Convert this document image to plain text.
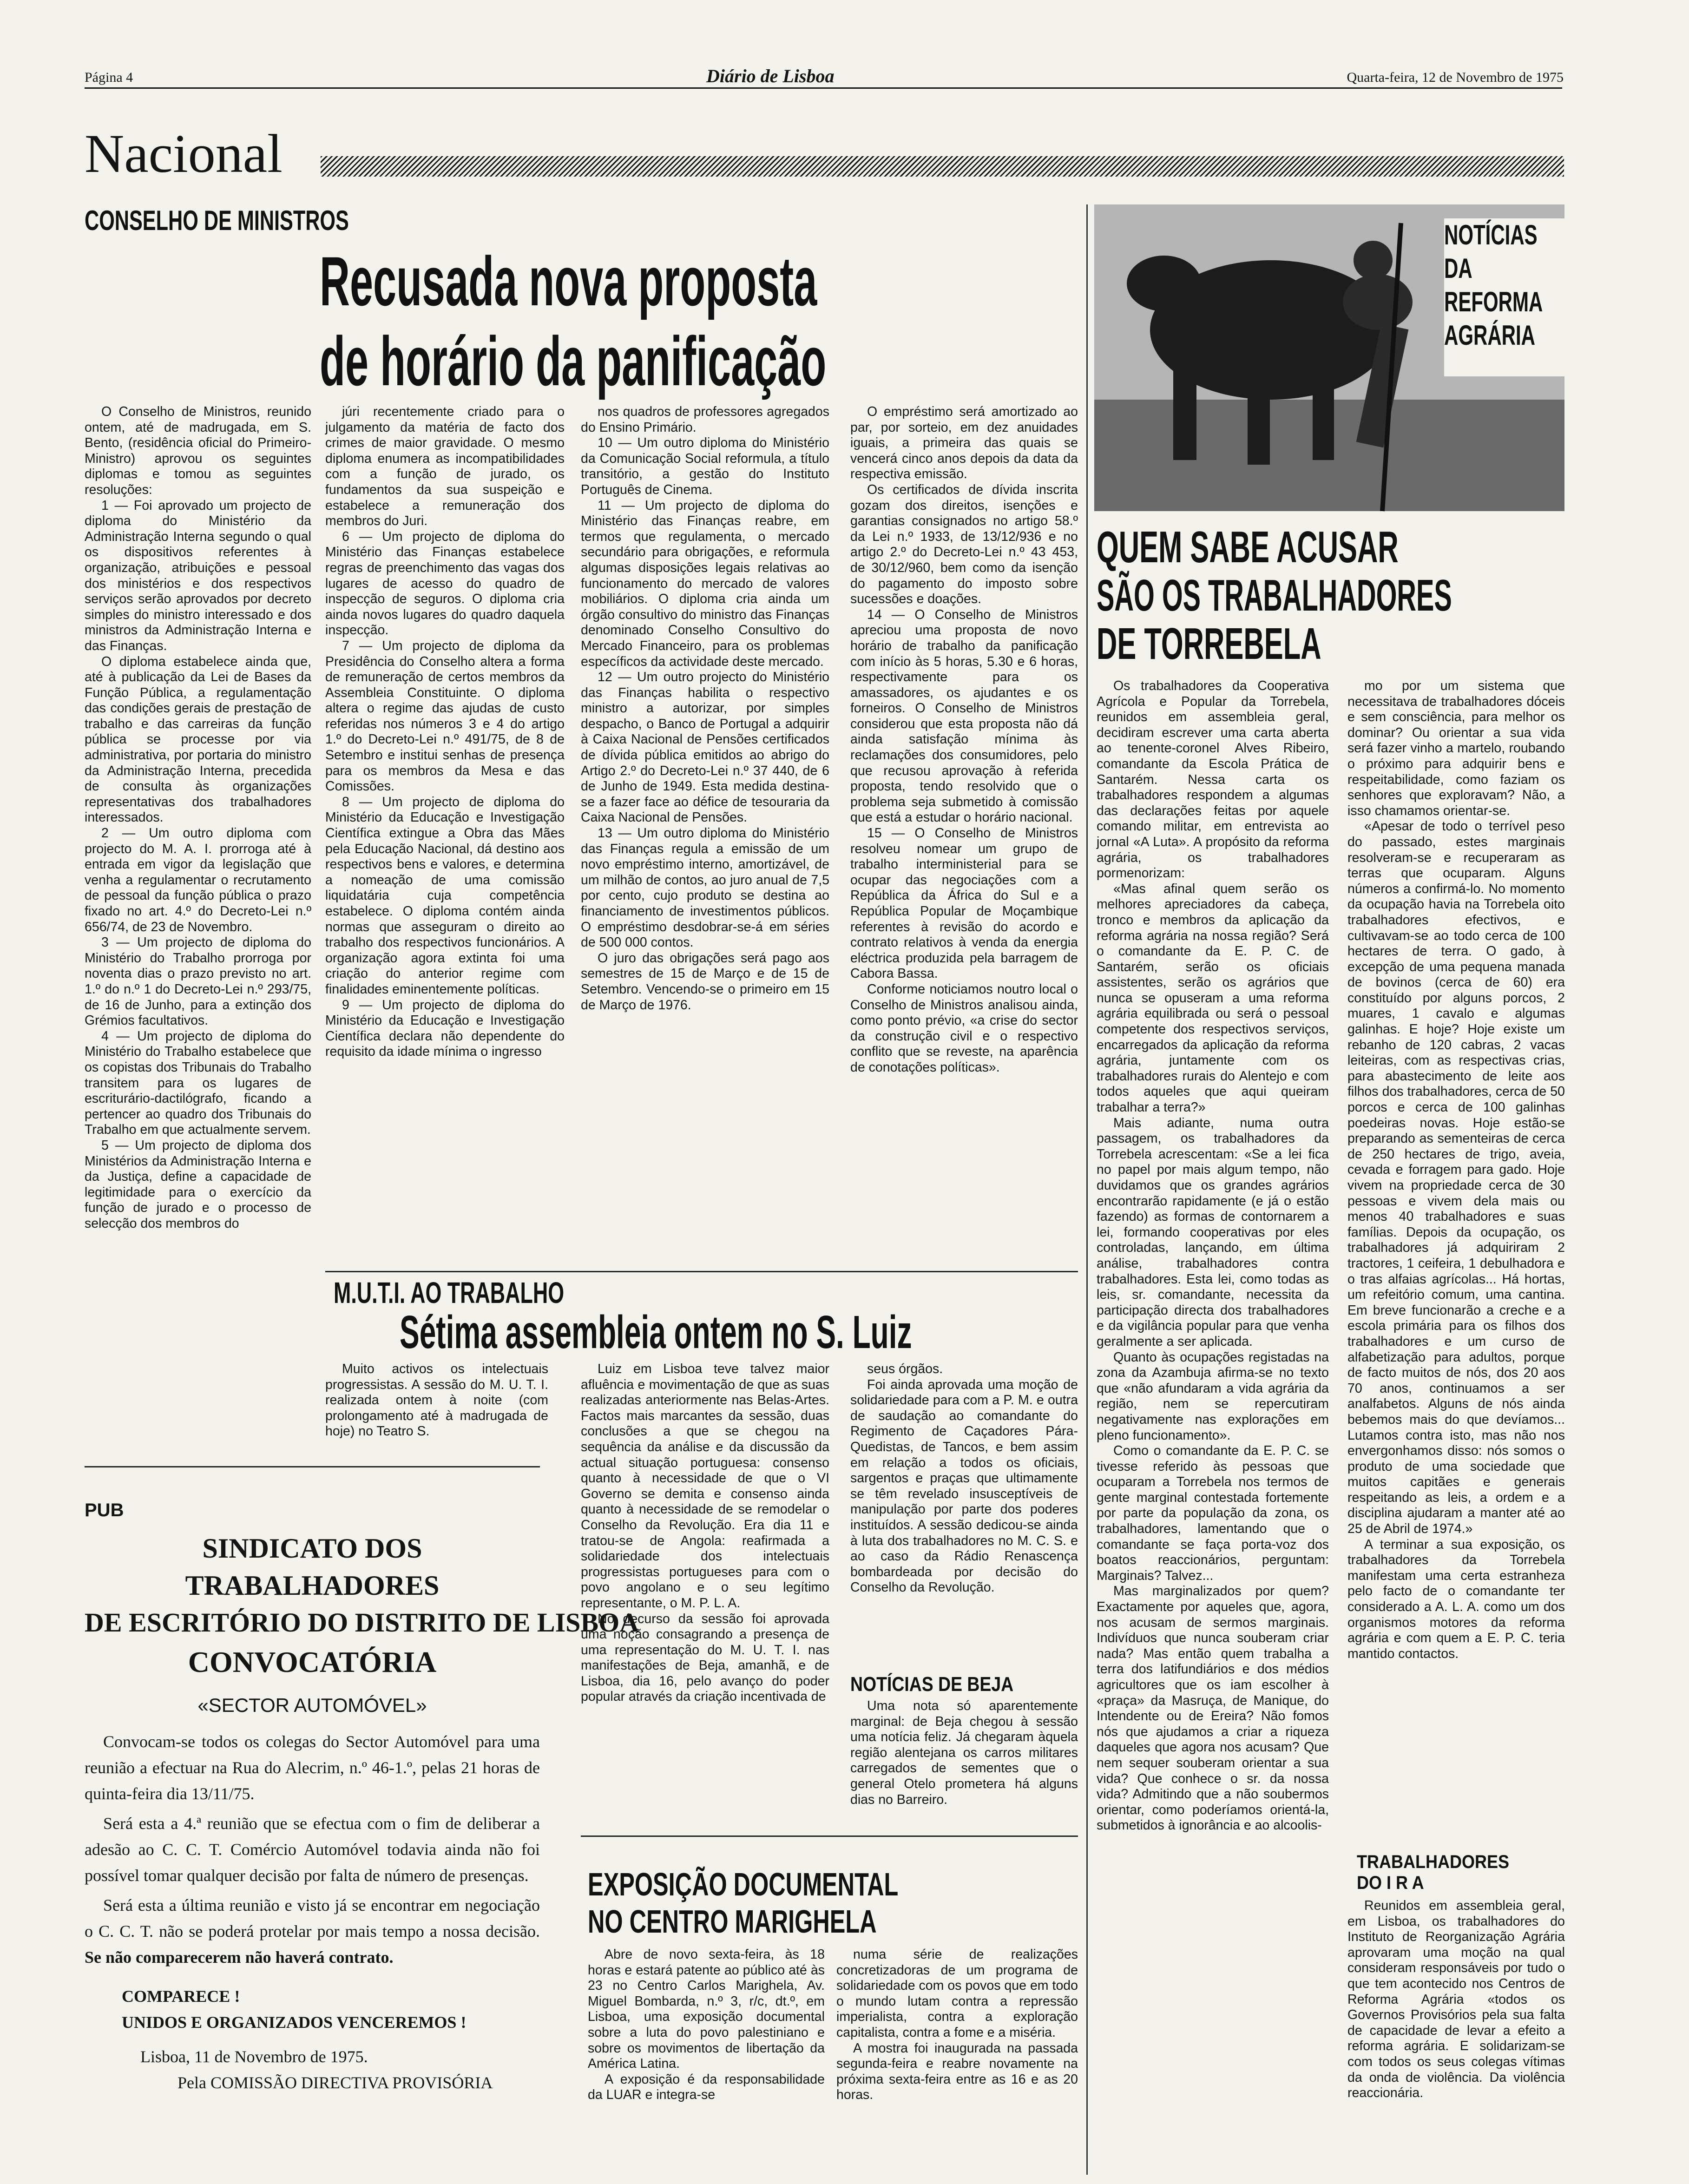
Página 4	Diário de Lisboa	Quarta-feira, 12 de Novembro de 1975
Nacional
CONSELHO DE MINISTROS
Recusada nova proposta
de horário da panificação

O Conselho de Ministros, reunido ontem, até de madrugada, em S. Bento, (residência oficial do Primeiro-Ministro) aprovou os seguintes diplomas e tomou as seguintes resoluções:

1 — Foi aprovado um projecto de diploma do Ministério da Administração Interna segundo o qual os dispositivos referentes à organização, atribuições e pessoal dos ministérios e dos respectivos serviços serão aprovados por decreto simples do ministro interessado e dos ministros da Administração Interna e das Finanças.

O diploma estabelece ainda que, até à publicação da Lei de Bases da Função Pública, a regulamentação das condições gerais de prestação de trabalho e das carreiras da função pública se processe por via administrativa, por portaria do ministro da Administração Interna, precedida de consulta às organizações representativas dos trabalhadores interessados.

2 — Um outro diploma com projecto do M. A. I. prorroga até à entrada em vigor da legislação que venha a regulamentar o recrutamento de pessoal da função pública o prazo fixado no art. 4.º do Decreto-Lei n.º 656/74, de 23 de Novembro.

3 — Um projecto de diploma do Ministério do Trabalho prorroga por noventa dias o prazo previsto no art. 1.º do n.º 1 do Decreto-Lei n.º 293/75, de 16 de Junho, para a extinção dos Grémios facultativos.

4 — Um projecto de diploma do Ministério do Trabalho estabelece que os copistas dos Tribunais do Trabalho transitem para os lugares de escriturário-dactilógrafo, ficando a pertencer ao quadro dos Tribunais do Trabalho em que actualmente servem.

5 — Um projecto de diploma dos Ministérios da Administração Interna e da Justiça, define a capacidade de legitimidade para o exercício da função de jurado e o processo de selecção dos membros do

júri recentemente criado para o julgamento da matéria de facto dos crimes de maior gravidade. O mesmo diploma enumera as incompatibilidades com a função de jurado, os fundamentos da sua suspeição e estabelece a remuneração dos membros do Juri.

6 — Um projecto de diploma do Ministério das Finanças estabelece regras de preenchimento das vagas dos lugares de acesso do quadro de inspecção de seguros. O diploma cria ainda novos lugares do quadro daquela inspecção.

7 — Um projecto de diploma da Presidência do Conselho altera a forma de remuneração de certos membros da Assembleia Constituinte. O diploma altera o regime das ajudas de custo referidas nos números 3 e 4 do artigo 1.º do Decreto-Lei n.º 491/75, de 8 de Setembro e institui senhas de presença para os membros da Mesa e das Comissões.

8 — Um projecto de diploma do Ministério da Educação e Investigação Científica extingue a Obra das Mães pela Educação Nacional, dá destino aos respectivos bens e valores, e determina a nomeação de uma comissão liquidatária cuja competência estabelece. O diploma contém ainda normas que asseguram o direito ao trabalho dos respectivos funcionários. A organização agora extinta foi uma criação do anterior regime com finalidades eminentemente políticas.

9 — Um projecto de diploma do Ministério da Educação e Investigação Científica declara não dependente do requisito da idade mínima o ingresso

nos quadros de professores agregados do Ensino Primário.

10 — Um outro diploma do Ministério da Comunicação Social reformula, a título transitório, a gestão do Instituto Português de Cinema.

11 — Um projecto de diploma do Ministério das Finanças reabre, em termos que regulamenta, o mercado secundário para obrigações, e reformula algumas disposições legais relativas ao funcionamento do mercado de valores mobiliários. O diploma cria ainda um órgão consultivo do ministro das Finanças denominado Conselho Consultivo do Mercado Financeiro, para os problemas específicos da actividade deste mercado.

12 — Um outro projecto do Ministério das Finanças habilita o respectivo ministro a autorizar, por simples despacho, o Banco de Portugal a adquirir à Caixa Nacional de Pensões certificados de dívida pública emitidos ao abrigo do Artigo 2.º do Decreto-Lei n.º 37 440, de 6 de Junho de 1949. Esta medida destina-se a fazer face ao défice de tesouraria da Caixa Nacional de Pensões.

13 — Um outro diploma do Ministério das Finanças regula a emissão de um novo empréstimo interno, amortizável, de um milhão de contos, ao juro anual de 7,5 por cento, cujo produto se destina ao financiamento de investimentos públicos. O empréstimo desdobrar-se-á em séries de 500 000 contos.

O juro das obrigações será pago aos semestres de 15 de Março e de 15 de Setembro. Vencendo-se o primeiro em 15 de Março de 1976.

O empréstimo será amortizado ao par, por sorteio, em dez anuidades iguais, a primeira das quais se vencerá cinco anos depois da data da respectiva emissão.

Os certificados de dívida inscrita gozam dos direitos, isenções e garantias consignados no artigo 58.º da Lei n.º 1933, de 13/12/936 e no artigo 2.º do Decreto-Lei n.º 43 453, de 30/12/960, bem como da isenção do pagamento do imposto sobre sucessões e doações.

14 — O Conselho de Ministros apreciou uma proposta de novo horário de trabalho da panificação com início às 5 horas, 5.30 e 6 horas, respectivamente para os amassadores, os ajudantes e os forneiros. O Conselho de Ministros considerou que esta proposta não dá ainda satisfação mínima às reclamações dos consumidores, pelo que recusou aprovação à referida proposta, tendo resolvido que o problema seja submetido à comissão que está a estudar o horário nacional.

15 — O Conselho de Ministros resolveu nomear um grupo de trabalho interministerial para se ocupar das negociações com a República da África do Sul e a República Popular de Moçambique referentes à revisão do acordo e contrato relativos à venda da energia eléctrica produzida pela barragem de Cabora Bassa.

Conforme noticiamos noutro local o Conselho de Ministros analisou ainda, como ponto prévio, «a crise do sector da construção civil e o respectivo conflito que se reveste, na aparência de conotações políticas».

M.U.T.I. AO TRABALHO
Sétima assembleia ontem no S. Luiz

Muito activos os intelectuais progressistas. A sessão do M. U. T. I. realizada ontem à noite (com prolongamento até à madrugada de hoje) no Teatro S.

Luiz em Lisboa teve talvez maior afluência e movimentação de que as suas realizadas anteriormente nas Belas-Artes. Factos mais marcantes da sessão, duas conclusões a que se chegou na sequência da análise e da discussão da actual situação portuguesa: consenso quanto à necessidade de que o VI Governo se demita e consenso ainda quanto à necessidade de se remodelar o Conselho da Revolução. Era dia 11 e tratou-se de Angola: reafirmada a solidariedade dos intelectuais progressistas portugueses para com o povo angolano e o seu legítimo representante, o M. P. L. A.

No decurso da sessão foi aprovada uma noção consagrando a presença de uma representação do M. U. T. I. nas manifestações de Beja, amanhã, e de Lisboa, dia 16, pelo avanço do poder popular através da criação incentivada de

seus órgãos.

Foi ainda aprovada uma moção de solidariedade para com a P. M. e outra de saudação ao comandante do Regimento de Caçadores Pára-Quedistas, de Tancos, e bem assim em relação a todos os oficiais, sargentos e praças que ultimamente se têm revelado insusceptíveis de manipulação por parte dos poderes instituídos. A sessão dedicou-se ainda à luta dos trabalhadores no M. C. S. e ao caso da Rádio Renascença bombardeada por decisão do Conselho da Revolução.

NOTÍCIAS DE BEJA

Uma nota só aparentemente marginal: de Beja chegou à sessão uma notícia feliz. Já chegaram àquela região alentejana os carros militares carregados de sementes que o general Otelo prometera há alguns dias no Barreiro.

PUB
SINDICATO DOS TRABALHADORES
DE ESCRITÓRIO DO DISTRITO DE LISBOA
CONVOCATÓRIA
«SECTOR AUTOMÓVEL»

Convocam-se todos os colegas do Sector Automóvel para uma reunião a efectuar na Rua do Alecrim, n.º 46-1.º, pelas 21 horas de quinta-feira dia 13/11/75.

Será esta a 4.ª reunião que se efectua com o fim de deliberar a adesão ao C. C. T. Comércio Automóvel todavia ainda não foi possível tomar qualquer decisão por falta de número de presenças.

Será esta a última reunião e visto já se encontrar em negociação o C. C. T. não se poderá protelar por mais tempo a nossa decisão. Se não comparecerem não haverá contrato.

COMPARECE !
UNIDOS E ORGANIZADOS VENCEREMOS !
Lisboa, 11 de Novembro de 1975.
Pela COMISSÃO DIRECTIVA PROVISÓRIA
EXPOSIÇÃO DOCUMENTAL
NO CENTRO MARIGHELA

Abre de novo sexta-feira, às 18 horas e estará patente ao público até às 23 no Centro Carlos Marighela, Av. Miguel Bombarda, n.º 3, r/c, dt.º, em Lisboa, uma exposição documental sobre a luta do povo palestiniano e sobre os movimentos de libertação da América Latina.

A exposição é da responsabilidade da LUAR e integra-se

numa série de realizações concretizadoras de um programa de solidariedade com os povos que em todo o mundo lutam contra a repressão imperialista, contra a exploração capitalista, contra a fome e a miséria.

A mostra foi inaugurada na passada segunda-feira e reabre novamente na próxima sexta-feira entre as 16 e as 20 horas.

NOTÍCIAS
DA
REFORMA
AGRÁRIA
QUEM SABE ACUSAR
SÃO OS TRABALHADORES
DE TORREBELA

Os trabalhadores da Cooperativa Agrícola e Popular da Torrebela, reunidos em assembleia geral, decidiram escrever uma carta aberta ao tenente-coronel Alves Ribeiro, comandante da Escola Prática de Santarém. Nessa carta os trabalhadores respondem a algumas das declarações feitas por aquele comando militar, em entrevista ao jornal «A Luta». A propósito da reforma agrária, os trabalhadores pormenorizam:

«Mas afinal quem serão os melhores apreciadores da cabeça, tronco e membros da aplicação da reforma agrária na nossa região? Será o comandante da E. P. C. de Santarém, serão os oficiais assistentes, serão os agrários que nunca se opuseram a uma reforma agrária equilibrada ou será o pessoal competente dos respectivos serviços, encarregados da aplicação da reforma agrária, juntamente com os trabalhadores rurais do Alentejo e com todos aqueles que aqui queiram trabalhar a terra?»

Mais adiante, numa outra passagem, os trabalhadores da Torrebela acrescentam: «Se a lei fica no papel por mais algum tempo, não duvidamos que os grandes agrários encontrarão rapidamente (e já o estão fazendo) as formas de contornarem a lei, formando cooperativas por eles controladas, lançando, em última análise, trabalhadores contra trabalhadores. Esta lei, como todas as leis, sr. comandante, necessita da participação directa dos trabalhadores e da vigilância popular para que venha geralmente a ser aplicada.

Quanto às ocupações registadas na zona da Azambuja afirma-se no texto que «não afundaram a vida agrária da região, nem se repercutiram negativamente nas explorações em pleno funcionamento».

Como o comandante da E. P. C. se tivesse referido às pessoas que ocuparam a Torrebela nos termos de gente marginal contestada fortemente por parte da população da zona, os trabalhadores, lamentando que o comandante se faça porta-voz dos boatos reaccionários, perguntam: Marginais? Talvez...

Mas marginalizados por quem? Exactamente por aqueles que, agora, nos acusam de sermos marginais. Indivíduos que nunca souberam criar nada? Mas então quem trabalha a terra dos latifundiários e dos médios agricultores que os iam escolher à «praça» da Masruça, de Manique, do Intendente ou de Ereira? Não fomos nós que ajudamos a criar a riqueza daqueles que agora nos acusam? Que nem sequer souberam orientar a sua vida? Que conhece o sr. da nossa vida? Admitindo que a não soubermos orientar, como poderíamos orientá-la, submetidos à ignorância e ao alcoolis-

mo por um sistema que necessitava de trabalhadores dóceis e sem consciência, para melhor os dominar? Ou orientar a sua vida será fazer vinho a martelo, roubando o próximo para adquirir bens e respeitabilidade, como faziam os senhores que exploravam? Não, a isso chamamos orientar-se.

«Apesar de todo o terrível peso do passado, estes marginais resolveram-se e recuperaram as terras que ocuparam. Alguns números a confirmá-lo. No momento da ocupação havia na Torrebela oito trabalhadores efectivos, e cultivavam-se ao todo cerca de 100 hectares de terra. O gado, à excepção de uma pequena manada de bovinos (cerca de 60) era constituído por alguns porcos, 2 muares, 1 cavalo e algumas galinhas. E hoje? Hoje existe um rebanho de 120 cabras, 2 vacas leiteiras, com as respectivas crias, para abastecimento de leite aos filhos dos trabalhadores, cerca de 50 porcos e cerca de 100 galinhas poedeiras novas. Hoje estão-se preparando as sementeiras de cerca de 250 hectares de trigo, aveia, cevada e forragem para gado. Hoje vivem na propriedade cerca de 30 pessoas e vivem dela mais ou menos 40 trabalhadores e suas famílias. Depois da ocupação, os trabalhadores já adquiriram 2 tractores, 1 ceifeira, 1 debulhadora e o tras alfaias agrícolas... Há hortas, um refeitório comum, uma cantina. Em breve funcionarão a creche e a escola primária para os filhos dos trabalhadores e um curso de alfabetização para adultos, porque de facto muitos de nós, dos 20 aos 70 anos, continuamos a ser analfabetos. Alguns de nós ainda bebemos mais do que devíamos... Lutamos contra isto, mas não nos envergonhamos disso: nós somos o produto de uma sociedade que muitos capitães e generais respeitando as leis, a ordem e a disciplina ajudaram a manter até ao 25 de Abril de 1974.»

A terminar a sua exposição, os trabalhadores da Torrebela manifestam uma certa estranheza pelo facto de o comandante ter considerado a A. L. A. como um dos organismos motores da reforma agrária e com quem a E. P. C. teria mantido contactos.

TRABALHADORES
DO I R A

Reunidos em assembleia geral, em Lisboa, os trabalhadores do Instituto de Reorganização Agrária aprovaram uma moção na qual consideram responsáveis por tudo o que tem acontecido nos Centros de Reforma Agrária «todos os Governos Provisórios pela sua falta de capacidade de levar a efeito a reforma agrária. E solidarizam-se com todos os seus colegas vítimas da onda de violência. Da violência reaccionária.
